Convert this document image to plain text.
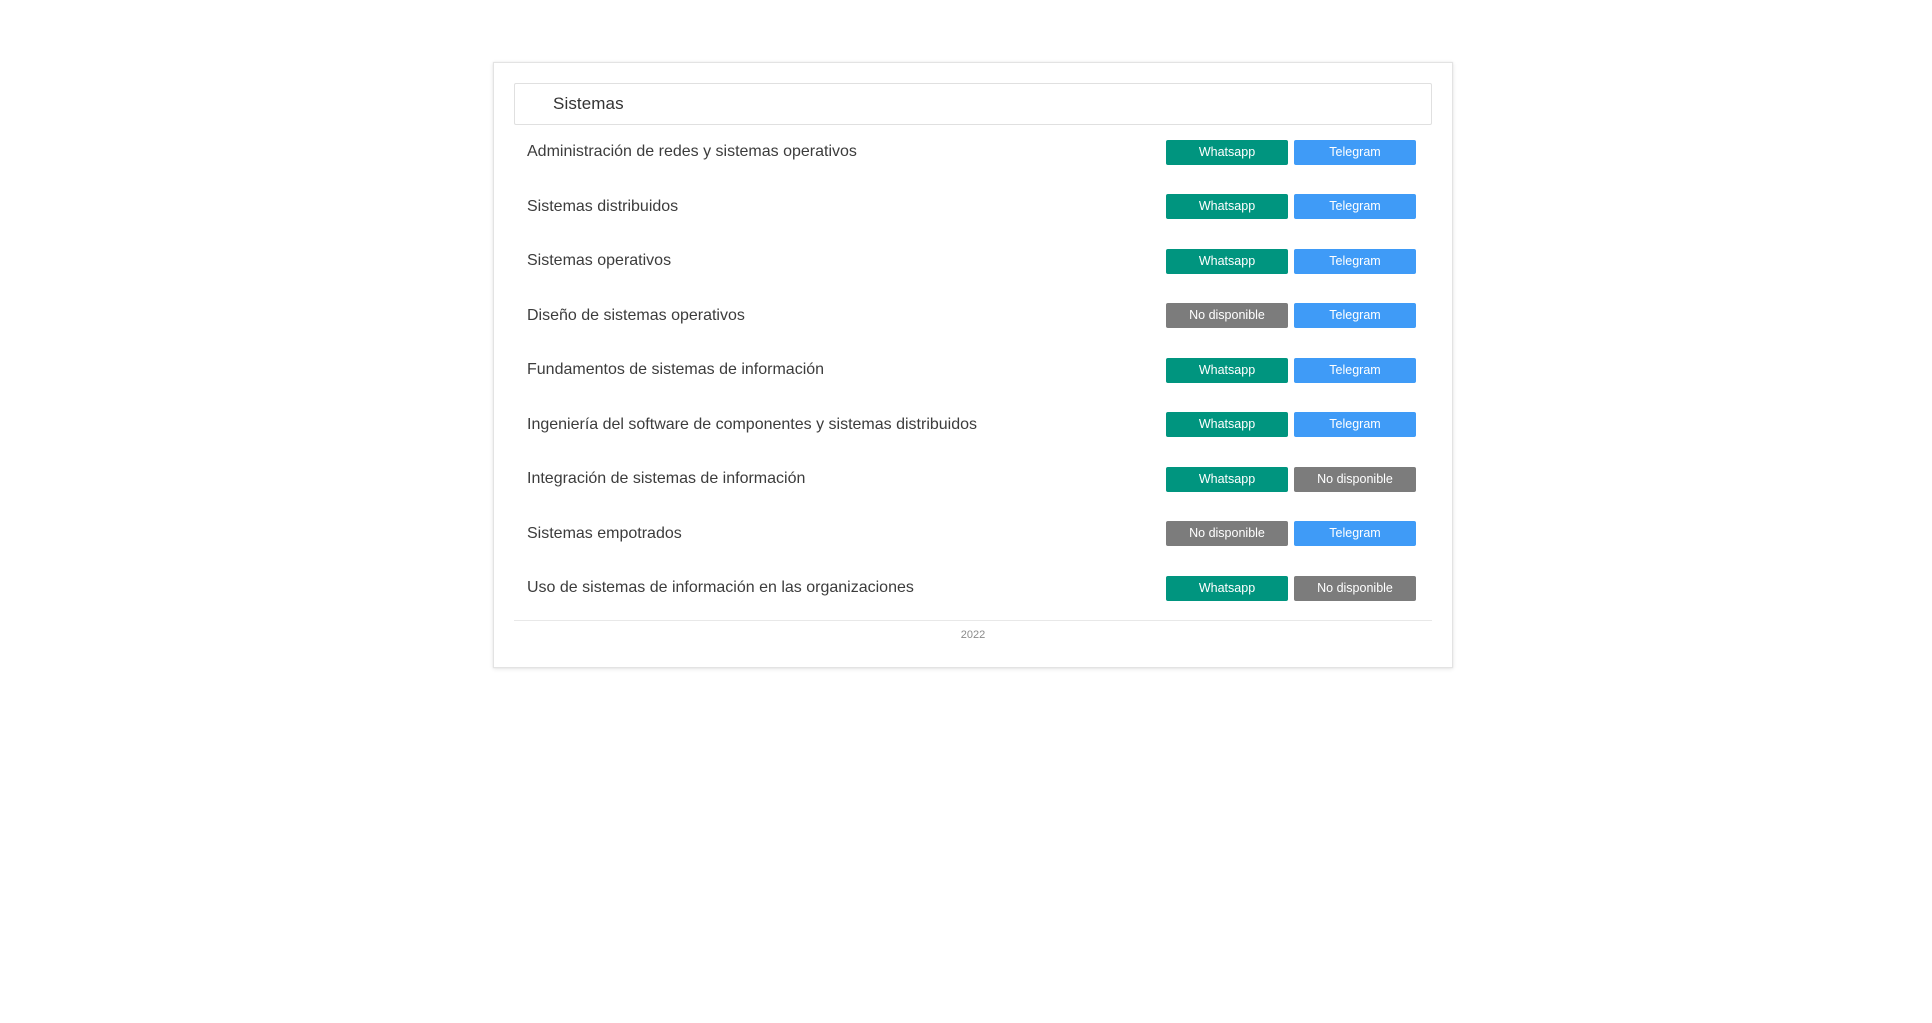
Sistemas
Administración de redes y sistemas operativos	Whatsapp	Telegram
Sistemas distribuidos	Whatsapp	Telegram
Sistemas operativos	Whatsapp	Telegram
Diseño de sistemas operativos	No disponible	Telegram
Fundamentos de sistemas de información	Whatsapp	Telegram
Ingeniería del software de componentes y sistemas distribuidos	Whatsapp	Telegram
Integración de sistemas de información	Whatsapp	No disponible
Sistemas empotrados	No disponible	Telegram
Uso de sistemas de información en las organizaciones	Whatsapp	No disponible
2022
